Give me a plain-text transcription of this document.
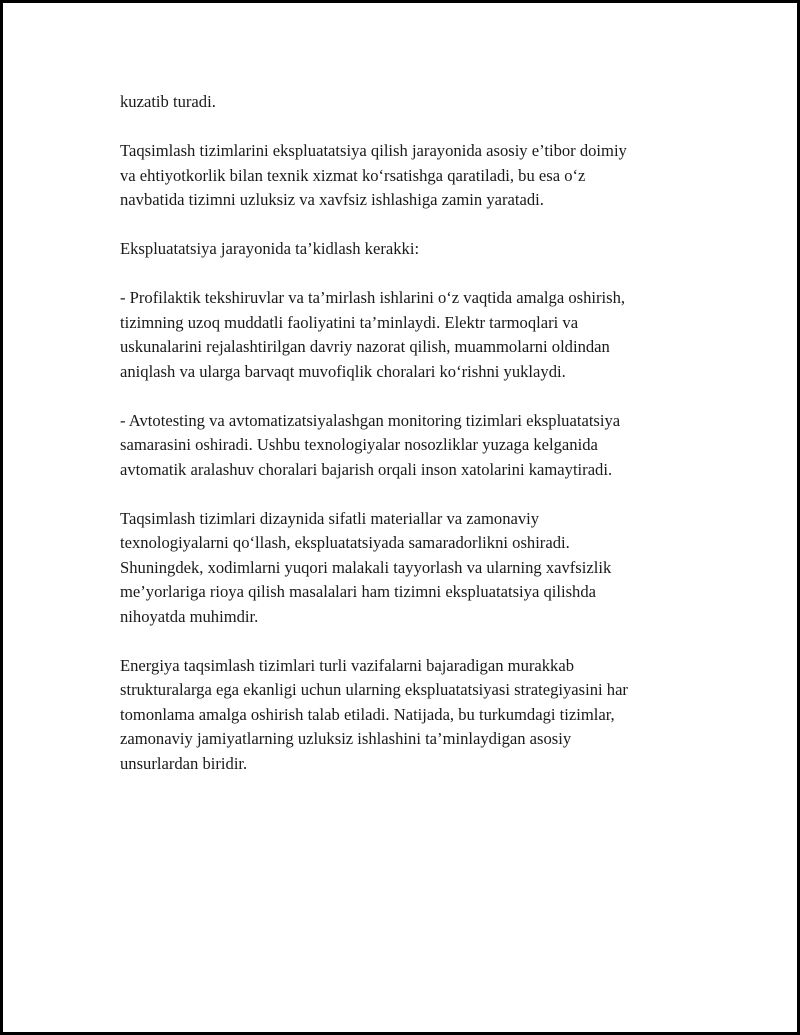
kuzatib turadi.

Taqsimlash tizimlarini ekspluatatsiya qilish jarayonida asosiy e’tibor doimiy
va ehtiyotkorlik bilan texnik xizmat ko‘rsatishga qaratiladi, bu esa o‘z
navbatida tizimni uzluksiz va xavfsiz ishlashiga zamin yaratadi.

Ekspluatatsiya jarayonida ta’kidlash kerakki:

- Profilaktik tekshiruvlar va ta’mirlash ishlarini o‘z vaqtida amalga oshirish,
tizimning uzoq muddatli faoliyatini ta’minlaydi. Elektr tarmoqlari va
uskunalarini rejalashtirilgan davriy nazorat qilish, muammolarni oldindan
aniqlash va ularga barvaqt muvofiqlik choralari ko‘rishni yuklaydi.

- Avtotesting va avtomatizatsiyalashgan monitoring tizimlari ekspluatatsiya
samarasini oshiradi. Ushbu texnologiyalar nosozliklar yuzaga kelganida
avtomatik aralashuv choralari bajarish orqali inson xatolarini kamaytiradi.

Taqsimlash tizimlari dizaynida sifatli materiallar va zamonaviy
texnologiyalarni qo‘llash, ekspluatatsiyada samaradorlikni oshiradi.
Shuningdek, xodimlarni yuqori malakali tayyorlash va ularning xavfsizlik
me’yorlariga rioya qilish masalalari ham tizimni ekspluatatsiya qilishda
nihoyatda muhimdir.

Energiya taqsimlash tizimlari turli vazifalarni bajaradigan murakkab
strukturalarga ega ekanligi uchun ularning ekspluatatsiyasi strategiyasini har
tomonlama amalga oshirish talab etiladi. Natijada, bu turkumdagi tizimlar,
zamonaviy jamiyatlarning uzluksiz ishlashini ta’minlaydigan asosiy
unsurlardan biridir.
